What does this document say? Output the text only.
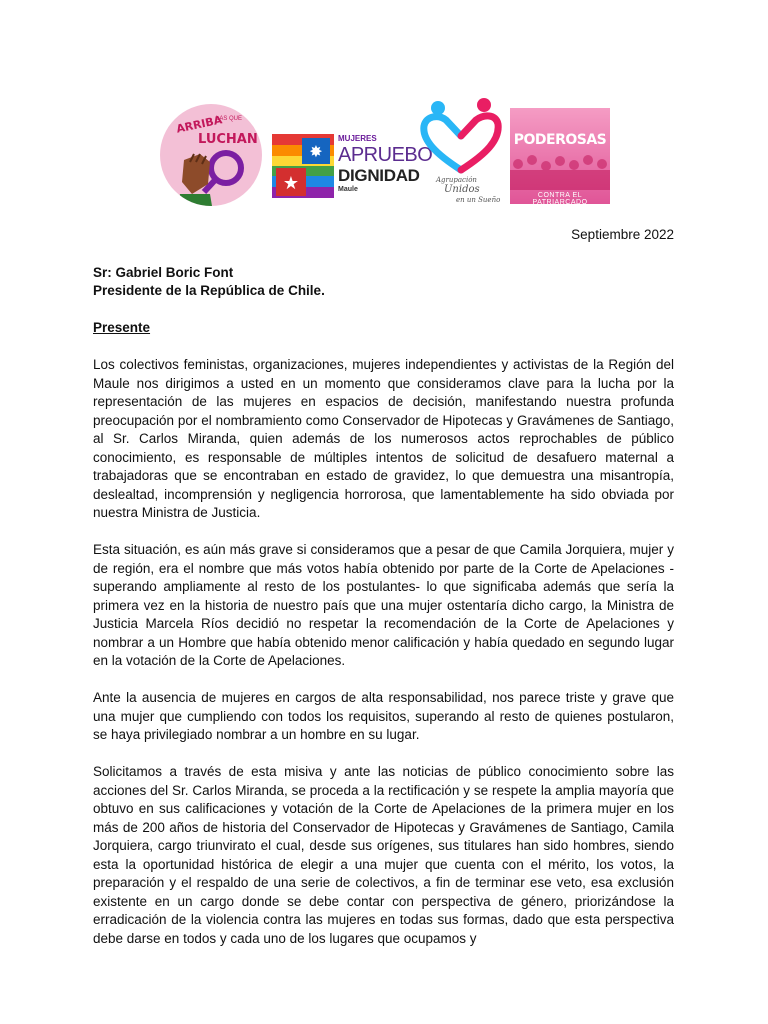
ARRIBA
LAS QUE
LUCHAN
✸
★
MUJERES
APRUEBO
DIGNIDAD
Maule
Agrupación
Unidos
en un Sueño
PODEROSAS
CONTRA EL PATRIARCADO
Septiembre 2022
Sr: Gabriel Boric Font
Presidente de la República de Chile.
Presente

Los colectivos feministas, organizaciones, mujeres independientes y activistas de la Región del Maule nos dirigimos a usted en un momento que consideramos clave para la lucha por la representación de las mujeres en espacios de decisión, manifestando nuestra profunda preocupación por el nombramiento como Conservador de Hipotecas y Gravámenes de Santiago, al Sr. Carlos Miranda, quien además de los numerosos actos reprochables de público conocimiento, es responsable de múltiples intentos de solicitud de desafuero maternal a trabajadoras que se encontraban en estado de gravidez, lo que demuestra una misantropía, deslealtad, incomprensión y negligencia horrorosa, que lamentablemente ha sido obviada por nuestra Ministra de Justicia.

Esta situación, es aún más grave si consideramos que a pesar de que Camila Jorquiera, mujer y de región, era el nombre que más votos había obtenido por parte de la Corte de Apelaciones - superando ampliamente al resto de los postulantes- lo que significaba además que sería la primera vez en la historia de nuestro país que una mujer ostentaría dicho cargo, la Ministra de Justicia Marcela Ríos decidió no respetar la recomendación de la Corte de Apelaciones y nombrar a un Hombre que había obtenido menor calificación y había quedado en segundo lugar en la votación de la Corte de Apelaciones.

Ante la ausencia de mujeres en cargos de alta responsabilidad, nos parece triste y grave que una mujer que cumpliendo con todos los requisitos, superando al resto de quienes postularon, se haya privilegiado nombrar a un hombre en su lugar.

Solicitamos a través de esta misiva y ante las noticias de público conocimiento sobre las acciones del Sr. Carlos Miranda, se proceda a la rectificación y se respete la amplia mayoría que obtuvo en sus calificaciones y votación de la Corte de Apelaciones de la primera mujer en los más de 200 años de historia del Conservador de Hipotecas y Gravámenes de Santiago, Camila Jorquiera, cargo triunvirato el cual, desde sus orígenes, sus titulares han sido hombres, siendo esta la oportunidad histórica de elegir a una mujer que cuenta con el mérito, los votos, la preparación y el respaldo de una serie de colectivos, a fin de terminar ese veto, esa exclusión existente en un cargo donde se debe contar con perspectiva de género, priorizándose la erradicación de la violencia contra las mujeres en todas sus formas, dado que esta perspectiva debe darse en todos y cada uno de los lugares que ocupamos y
